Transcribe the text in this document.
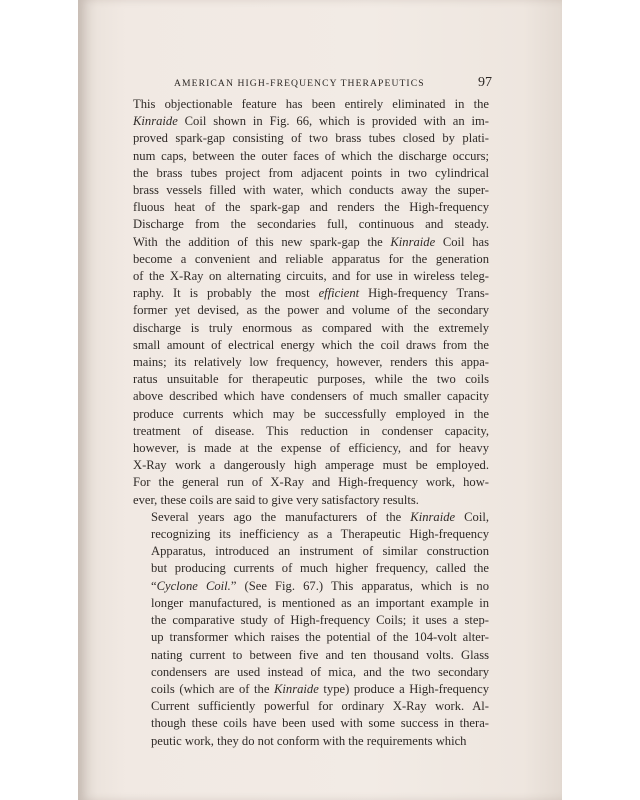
AMERICAN HIGH-FREQUENCY THERAPEUTICS	97

This objectionable feature has been entirely eliminated in the
Kinraide Coil shown in Fig. 66, which is provided with an im-
proved spark-gap consisting of two brass tubes closed by plati-
num caps, between the outer faces of which the discharge occurs;
the brass tubes project from adjacent points in two cylindrical
brass vessels filled with water, which conducts away the super-
fluous heat of the spark-gap and renders the High-frequency
Discharge from the secondaries full, continuous and steady.
With the addition of this new spark-gap the Kinraide Coil has
become a convenient and reliable apparatus for the generation
of the X-Ray on alternating circuits, and for use in wireless teleg-
raphy. It is probably the most efficient High-frequency Trans-
former yet devised, as the power and volume of the secondary
discharge is truly enormous as compared with the extremely
small amount of electrical energy which the coil draws from the
mains; its relatively low frequency, however, renders this appa-
ratus unsuitable for therapeutic purposes, while the two coils
above described which have condensers of much smaller capacity
produce currents which may be successfully employed in the
treatment of disease. This reduction in condenser capacity,
however, is made at the expense of efficiency, and for heavy
X-Ray work a dangerously high amperage must be employed.
For the general run of X-Ray and High-frequency work, how-
ever, these coils are said to give very satisfactory results.

Several years ago the manufacturers of the Kinraide Coil,
recognizing its inefficiency as a Therapeutic High-frequency
Apparatus, introduced an instrument of similar construction
but producing currents of much higher frequency, called the
“Cyclone Coil.” (See Fig. 67.) This apparatus, which is no
longer manufactured, is mentioned as an important example in
the comparative study of High-frequency Coils; it uses a step-
up transformer which raises the potential of the 104-volt alter-
nating current to between five and ten thousand volts. Glass
condensers are used instead of mica, and the two secondary
coils (which are of the Kinraide type) produce a High-frequency
Current sufficiently powerful for ordinary X-Ray work. Al-
though these coils have been used with some success in thera-
peutic work, they do not conform with the requirements which
